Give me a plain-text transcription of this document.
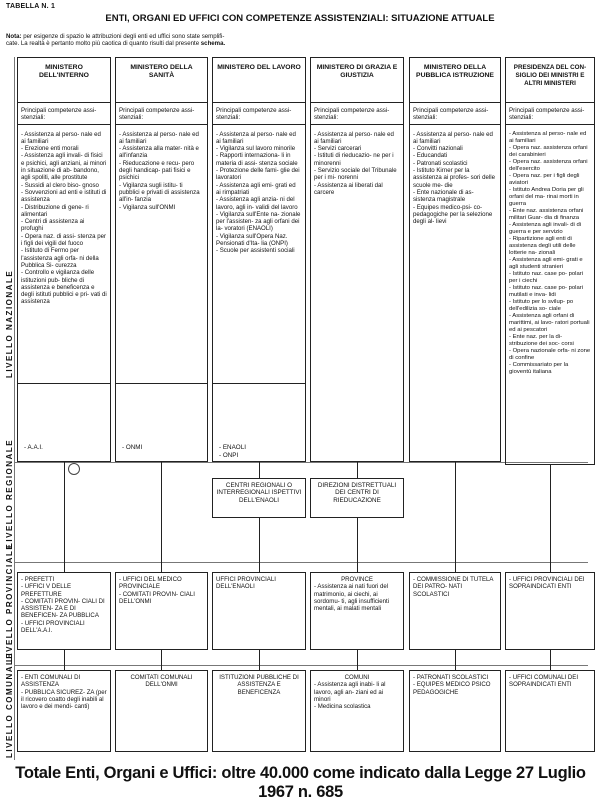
TABELLA N. 1
ENTI, ORGANI ED UFFICI CON COMPETENZE ASSISTENZIALI: SITUAZIONE ATTUALE
Nota: per esigenze di spazio le attribuzioni degli enti ed uffici sono state semplifi-
cate. La realtà è pertanto molto più caotica di quanto risulti dal presente schema.
LIVELLO NAZIONALE
LIVELLO REGIONALE
LIVELLO PROVINCIALE
LIVELLO COMUNALE
MINISTERO DELL'INTERNO
Principali competenze assi-stenziali:
- Assistenza al perso- nale ed ai familiari
- Erezione enti morali
- Assistenza agli invali- di fisici e psichici, agli anziani, ai minori in situazione di ab- bandono, agli spoliti, alle prostitute
- Sussidi al clero biso- gnoso
- Sovvenzioni ad enti e istituti di assistenza
- Distribuzione di gene- ri alimentari
- Centri di assistenza ai profughi
- Opera naz. di assi- stenza per i figli dei vigili del fuoco
- Istituto di Fermo per l'assistenza agli orfa- ni della Pubblica Si- curezza
- Controllo e vigilanza delle istituzioni pub- bliche di assistenza e beneficenza e degli istituti pubblici e pri- vati di assistenza
- A.A.I.
MINISTERO DELLA SANITÀ
Principali competenze assi-stenziali:
- Assistenza al perso- nale ed ai familiari
- Assistenza alla mater- nità e all'infanzia
- Rieducazione e recu- pero degli handicap- pati fisici e psichici
- Vigilanza sugli istitu- ti pubblici e privati di assistenza all'in- fanzia
- Vigilanza sull'ONMI
- ONMI
MINISTERO DEL LAVORO
Principali competenze assi-stenziali:
- Assistenza al perso- nale ed ai familiari
- Vigilanza sul lavoro minorile
- Rapporti internaziona- li in materia di assi- stenza sociale
- Protezione delle fami- glie dei lavoratori
- Assistenza agli emi- grati ed ai rimpatriati
- Assistenza agli anzia- ni del lavoro, agli in- validi del lavoro
- Vigilanza sull'Ente na- zionale per l'assisten- za agli orfani dei la- voratori (ENAOLI)
- Vigilanza sull'Opera Naz. Pensionati d'Ita- lia (ONPI)
- Scuole per assistenti sociali
- ENAOLI
- ONPI
MINISTERO DI GRAZIA E GIUSTIZIA
Principali competenze assi-stenziali:
- Assistenza al perso- nale ed ai familiari
- Servizi carcerari
- Istituti di rieducazio- ne per i minorenni
- Servizio sociale del Tribunale per i mi- norenni
- Assistenza ai liberati dal carcere
MINISTERO DELLA PUBBLICA ISTRUZIONE
Principali competenze assi-stenziali:
- Assistenza al perso- nale ed ai familiari
- Convitti nazionali
- Educandati
- Patronati scolastici
- Istituto Kirner per la assistenza ai profes- sori delle scuole me- die
- Ente nazionale di as- sistenza magistrale
- Equipes medico-psi- co-pedagogiche per la selezione degli al- lievi
PRESIDENZA DEL CON- SIGLIO DEI MINISTRI E ALTRI MINISTERI
Principali competenze assi-stenziali:
- Assistenza al perso- nale ed ai familiari
- Opera naz. assistenza orfani dei carabinieri
- Opera naz. assistenza orfani dell'esercito
- Opera naz. per i figli degli aviatori
- Istituto Andrea Doria per gli orfani del ma- rinai morti in guerra
- Ente naz. assistenza orfani militari Guar- dia di finanza
- Assistenza agli invali- di di guerra e per servizio
- Ripartizione agli enti di assistenza degli utili delle lotterie na- zionali
- Assistenza agli emi- grati e agli studenti stranieri
- Istituto naz. case po- polari per i ciechi
- Istituto naz. case po- polari mutilati e inva- lidi
- Istituto per lo svilup- po dell'edilizia so- ciale
- Assistenza agli orfani di marittimi, ai lavo- ratori portuali ed ai pescatori
- Ente naz. per la di- stribuzione dei soc- corsi
- Opera nazionale orfa- ni zone di confine
- Commissariato per la gioventù italiana
CENTRI REGIONALI O INTERREGIONALI ISPETTIVI DELL'ENAOLI
DIREZIONI DISTRETTUALI DEI CENTRI DI RIEDUCAZIONE
- PREFETTI
- UFFICI V DELLE PREFETTURE
- COMITATI PROVIN- CIALI DI ASSISTEN- ZA E DI BENEFICEN- ZA PUBBLICA
- UFFICI PROVINCIALI DELL'A.A.I.
- UFFICI DEL MEDICO PROVINCIALE
- COMITATI PROVIN- CIALI DELL'ONMI
UFFICI PROVINCIALI DELL'ENAOLI
PROVINCE
- Assistenza ai nati fuori del matrimonio, ai ciechi, ai sordomu- ti, agli insufficienti mentali, ai malati mentali
- COMMISSIONE DI TUTELA DEI PATRO- NATI SCOLASTICI
- UFFICI PROVINCIALI DEI SOPRAINDICATI ENTI
- ENTI COMUNALI DI ASSISTENZA
- PUBBLICA SICUREZ- ZA (per il ricovero coatto degli inabili al lavoro e dei mendi- canti)
COMITATI COMUNALI DELL'ONMI
ISTITUZIONI PUBBLICHE DI ASSISTENZA E BENEFICENZA
COMUNI
- Assistenza agli inabi- li al lavoro, agli an- ziani ed ai minori
- Medicina scolastica
- PATRONATI SCOLASTICI
- EQUIPES MEDICO PSICO PEDAGOGICHE
- UFFICI COMUNALI DEI SOPRAINDICATI ENTI
Totale Enti, Organi e Uffici: oltre 40.000 come indicato dalla Legge 27 Luglio 1967 n. 685
